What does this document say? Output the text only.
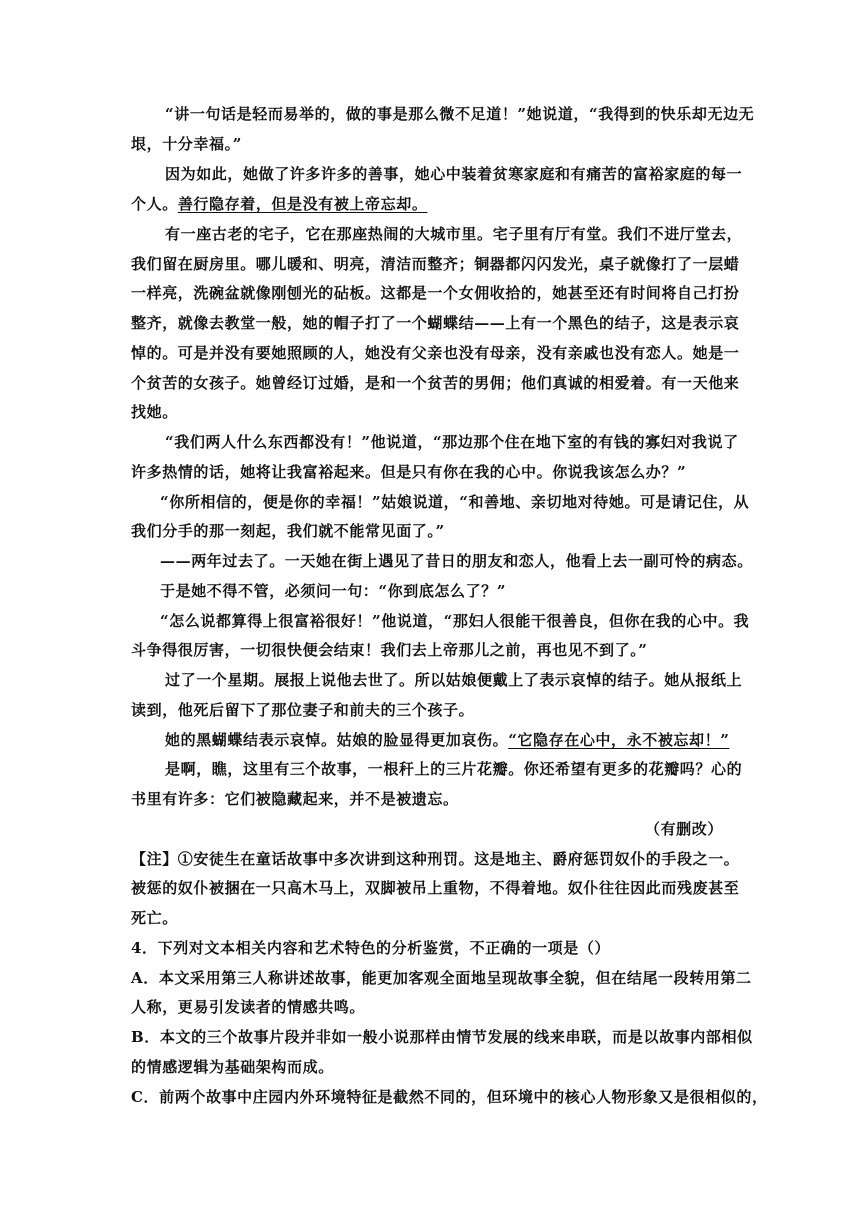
“讲一句话是轻而易举的，做的事是那么微不足道！”她说道，“我得到的快乐却无边无
垠，十分幸福。”
因为如此，她做了许多许多的善事，她心中装着贫寒家庭和有痛苦的富裕家庭的每一
个人。善行隐存着，但是没有被上帝忘却。
有一座古老的宅子，它在那座热闹的大城市里。宅子里有厅有堂。我们不进厅堂去，
我们留在厨房里。哪儿暖和、明亮，清洁而整齐；铜器都闪闪发光，桌子就像打了一层蜡
一样亮，洗碗盆就像刚刨光的砧板。这都是一个女佣收拾的，她甚至还有时间将自己打扮
整齐，就像去教堂一般，她的帽子打了一个蝴蝶结——上有一个黑色的结子，这是表示哀
悼的。可是并没有要她照顾的人，她没有父亲也没有母亲，没有亲戚也没有恋人。她是一
个贫苦的女孩子。她曾经订过婚，是和一个贫苦的男佣；他们真诚的相爱着。有一天他来
找她。
“我们两人什么东西都没有！”他说道，“那边那个住在地下室的有钱的寡妇对我说了
许多热情的话，她将让我富裕起来。但是只有你在我的心中。你说我该怎么办？”
“你所相信的，便是你的幸福！”姑娘说道，“和善地、亲切地对待她。可是请记住，从
我们分手的那一刻起，我们就不能常见面了。”
——两年过去了。一天她在街上遇见了昔日的朋友和恋人，他看上去一副可怜的病态。
于是她不得不管，必须问一句：“你到底怎么了？”
“怎么说都算得上很富裕很好！”他说道，“那妇人很能干很善良，但你在我的心中。我
斗争得很厉害，一切很快便会结束！我们去上帝那儿之前，再也见不到了。”
过了一个星期。展报上说他去世了。所以姑娘便戴上了表示哀悼的结子。她从报纸上
读到，他死后留下了那位妻子和前夫的三个孩子。
她的黑蝴蝶结表示哀悼。姑娘的脸显得更加哀伤。“它隐存在心中，永不被忘却！”
是啊，瞧，这里有三个故事，一根秆上的三片花瓣。你还希望有更多的花瓣吗？心的
书里有许多：它们被隐藏起来，并不是被遗忘。
（有删改）
【注】①安徒生在童话故事中多次讲到这种刑罚。这是地主、爵府惩罚奴仆的手段之一。
被惩的奴仆被捆在一只高木马上，双脚被吊上重物，不得着地。奴仆往往因此而残废甚至
死亡。
4．下列对文本相关内容和艺术特色的分析鉴赏，不正确的一项是（）
A．本文采用第三人称讲述故事，能更加客观全面地呈现故事全貌，但在结尾一段转用第二
人称，更易引发读者的情感共鸣。
B．本文的三个故事片段并非如一般小说那样由情节发展的线来串联，而是以故事内部相似
的情感逻辑为基础架构而成。
C．前两个故事中庄园内外环境特征是截然不同的，但环境中的核心人物形象又是很相似的，
